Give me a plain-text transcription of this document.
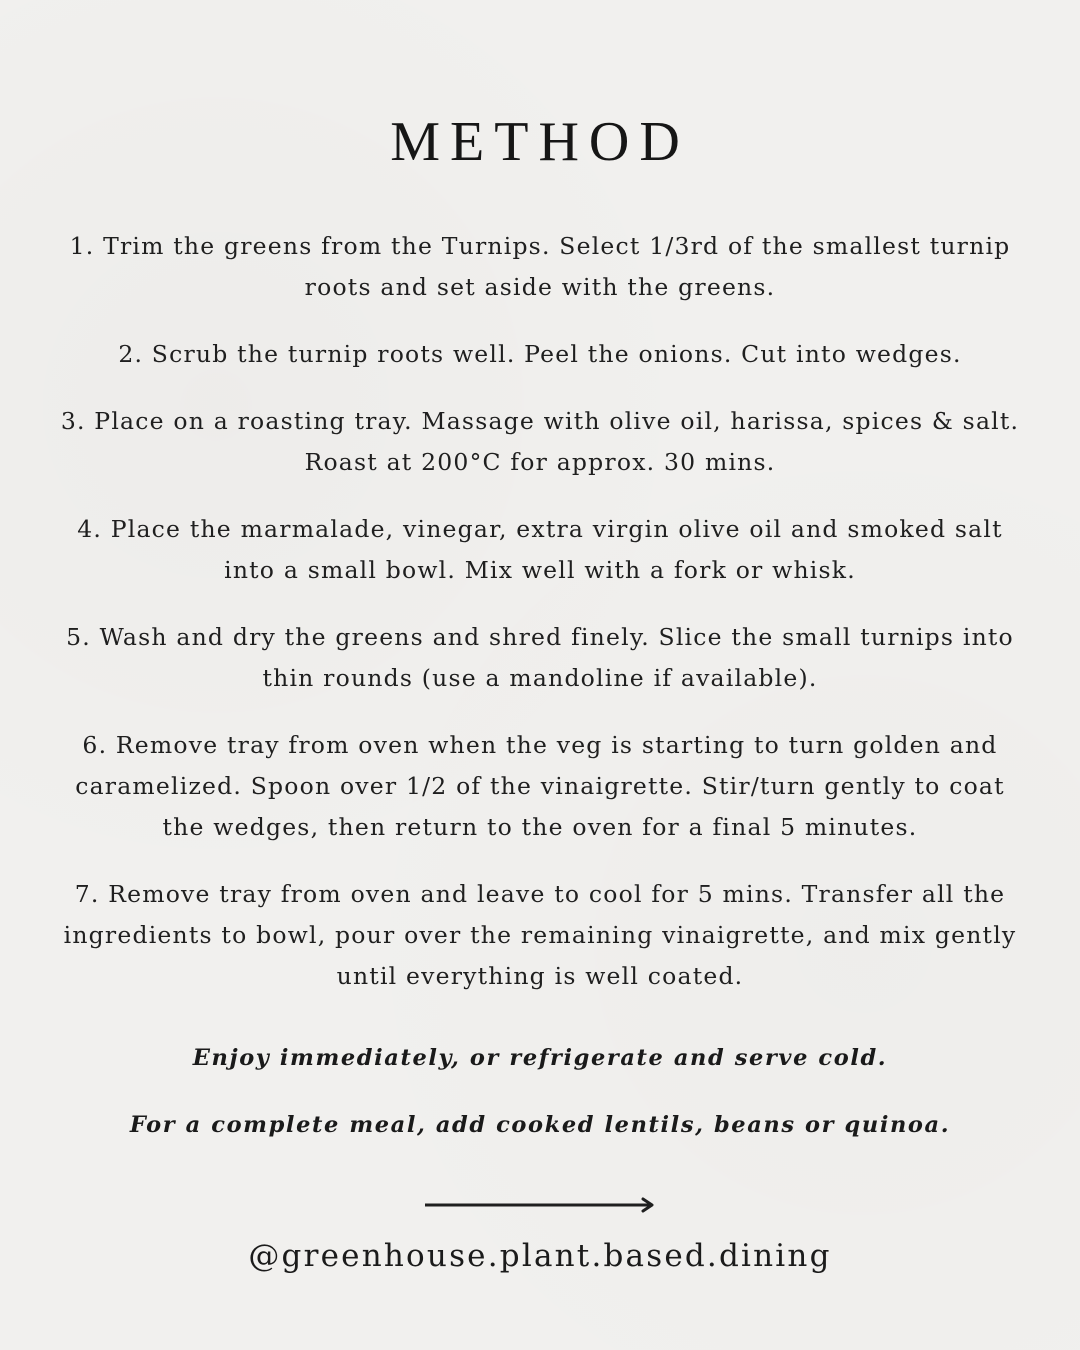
METHOD
1. Trim the greens from the Turnips. Select 1/3rd of the smallest turnip roots and set aside with the greens.
2. Scrub the turnip roots well. Peel the onions. Cut into wedges.
3. Place on a roasting tray. Massage with olive oil, harissa, spices & salt. Roast at 200°C for approx. 30 mins.
4. Place the marmalade, vinegar, extra virgin olive oil and smoked salt into a small bowl. Mix well with a fork or whisk.
5. Wash and dry the greens and shred finely. Slice the small turnips into thin rounds (use a mandoline if available).
6. Remove tray from oven when the veg is starting to turn golden and caramelized. Spoon over 1/2 of the vinaigrette. Stir/turn gently to coat the wedges, then return to the oven for a final 5 minutes.
7. Remove tray from oven and leave to cool for 5 mins. Transfer all the ingredients to bowl, pour over the remaining vinaigrette, and mix gently until everything is well coated.

Enjoy immediately, or refrigerate and serve cold.

For a complete meal, add cooked lentils, beans or quinoa.

@greenhouse.plant.based.dining
